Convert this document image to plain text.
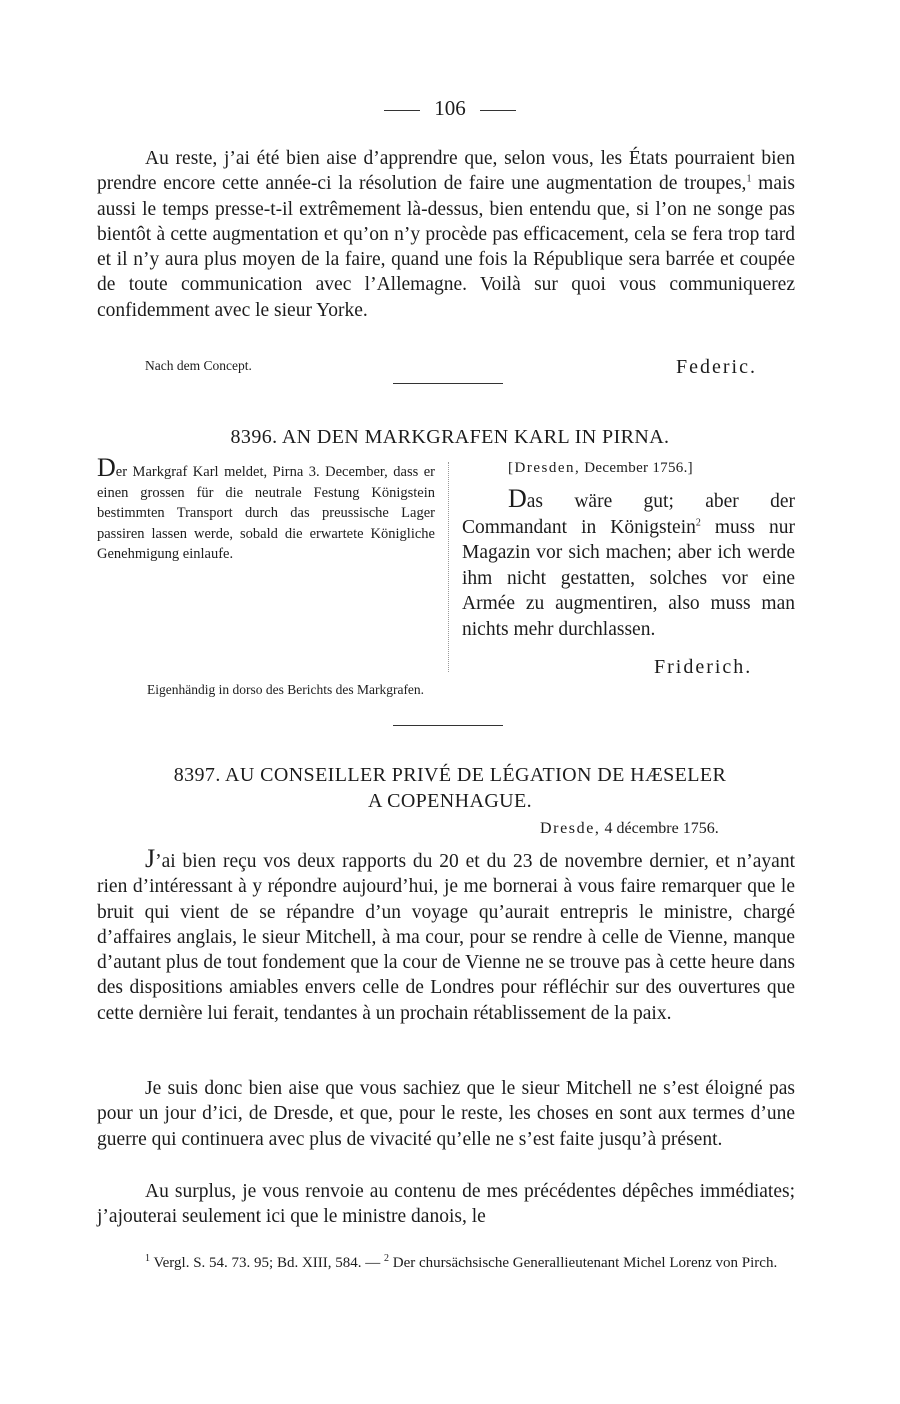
106

Au reste, j’ai été bien aise d’apprendre que, selon vous, les États pourraient bien prendre encore cette année-ci la résolution de faire une augmentation de troupes,$^1$ mais aussi le temps presse-t-il extrêmement là-dessus, bien entendu que, si l’on ne songe pas bientôt à cette augmentation et qu’on n’y procède pas efficacement, cela se fera trop tard et il n’y aura plus moyen de la faire, quand une fois la République sera barrée et coupée de toute communication avec l’Allemagne. Voilà sur quoi vous communiquerez confidemment avec le sieur Yorke.

Nach dem Concept.	Federic.
8396. AN DEN MARKGRAFEN KARL IN PIRNA.

Der Markgraf Karl meldet, Pirna 3. December, dass er einen grossen für die neutrale Festung Königstein bestimmten Transport durch das preussische Lager passiren lassen werde, sobald die erwartete Königliche Genehmigung einlaufe.

[Dresden, December 1756.]

Das wäre gut; aber der Commandant in Königstein$^2$ muss nur Magazin vor sich machen; aber ich werde ihm nicht gestatten, solches vor eine Armée zu augmentiren, also muss man nichts mehr durchlassen.

Friderich.
Eigenhändig in dorso des Berichts des Markgrafen.
8397. AU CONSEILLER PRIVÉ DE LÉGATION DE HÆSELER
A COPENHAGUE.
Dresde, 4 décembre 1756.

J’ai bien reçu vos deux rapports du 20 et du 23 de novembre dernier, et n’ayant rien d’intéressant à y répondre aujourd’hui, je me bornerai à vous faire remarquer que le bruit qui vient de se répandre d’un voyage qu’aurait entrepris le ministre, chargé d’affaires anglais, le sieur Mitchell, à ma cour, pour se rendre à celle de Vienne, manque d’autant plus de tout fondement que la cour de Vienne ne se trouve pas à cette heure dans des dispositions amiables envers celle de Londres pour réfléchir sur des ouvertures que cette dernière lui ferait, tendantes à un prochain rétablissement de la paix.

Je suis donc bien aise que vous sachiez que le sieur Mitchell ne s’est éloigné pas pour un jour d’ici, de Dresde, et que, pour le reste, les choses en sont aux termes d’une guerre qui continuera avec plus de vivacité qu’elle ne s’est faite jusqu’à présent.

Au surplus, je vous renvoie au contenu de mes précédentes dépêches immédiates; j’ajouterai seulement ici que le ministre danois, le

$^1$ Vergl. S. 54. 73. 95; Bd. XIII, 584. — $^2$ Der chursächsische Generallieutenant Michel Lorenz von Pirch.
